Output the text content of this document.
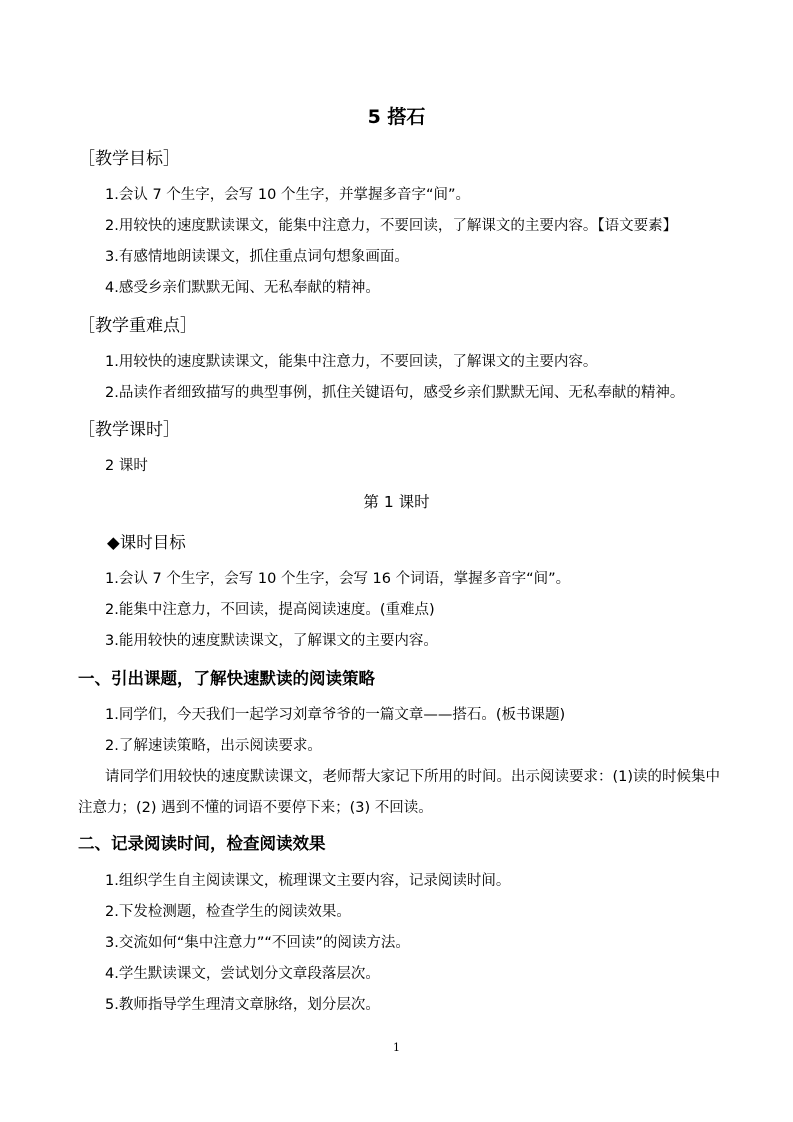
5 搭石
［教学目标］
1.会认 7 个生字，会写 10 个生字，并掌握多音字“间”。
2.用较快的速度默读课文，能集中注意力，不要回读，了解课文的主要内容。【语文要素】
3.有感情地朗读课文，抓住重点词句想象画面。
4.感受乡亲们默默无闻、无私奉献的精神。
［教学重难点］
1.用较快的速度默读课文，能集中注意力，不要回读，了解课文的主要内容。
2.品读作者细致描写的典型事例，抓住关键语句，感受乡亲们默默无闻、无私奉献的精神。
［教学课时］
2 课时
第 1 课时
◆课时目标
1.会认 7 个生字，会写 10 个生字，会写 16 个词语，掌握多音字“间”。
2.能集中注意力，不回读，提高阅读速度。(重难点)
3.能用较快的速度默读课文，了解课文的主要内容。
一、引出课题，了解快速默读的阅读策略
1.同学们，今天我们一起学习刘章爷爷的一篇文章——搭石。(板书课题)
2.了解速读策略，出示阅读要求。
请同学们用较快的速度默读课文，老师帮大家记下所用的时间。出示阅读要求：(1)读的时候集中注意力；(2) 遇到不懂的词语不要停下来；(3) 不回读。
二、记录阅读时间，检查阅读效果
1.组织学生自主阅读课文，梳理课文主要内容，记录阅读时间。
2.下发检测题，检查学生的阅读效果。
3.交流如何“集中注意力”“不回读”的阅读方法。
4.学生默读课文，尝试划分文章段落层次。
5.教师指导学生理清文章脉络，划分层次。
1
